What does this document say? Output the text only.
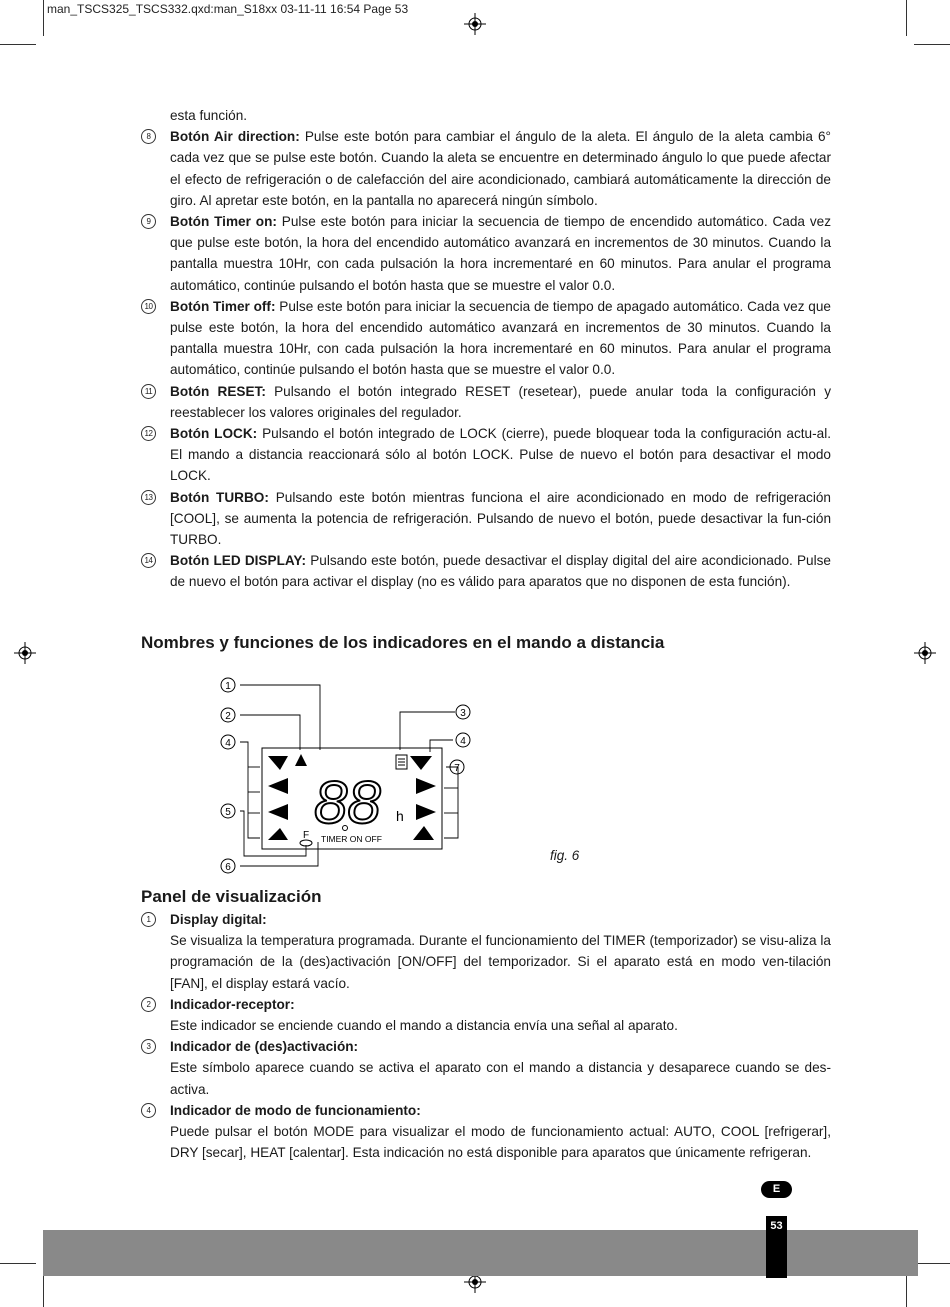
man_TSCS325_TSCS332.qxd:man_S18xx 03-11-11 16:54 Page 53

esta función.

8	Botón Air direction: Pulse este botón para cambiar el ángulo de la aleta. El ángulo de la aleta cambia 6° cada vez que se pulse este botón. Cuando la aleta se encuentre en determinado ángulo lo que puede afectar el efecto de refrigeración o de calefacción del aire acondicionado, cambiará automáticamente la dirección de giro. Al apretar este botón, en la pantalla no aparecerá ningún símbolo.

9	Botón Timer on: Pulse este botón para iniciar la secuencia de tiempo de encendido automático. Cada vez que pulse este botón, la hora del encendido automático avanzará en incrementos de 30 minutos. Cuando la pantalla muestra 10Hr, con cada pulsación la hora incrementaré en 60 minutos. Para anular el programa automático, continúe pulsando el botón hasta que se muestre el valor 0.0.

10 Botón Timer off: Pulse este botón para iniciar la secuencia de tiempo de apagado automático. Cada vez que pulse este botón, la hora del encendido automático avanzará en incrementos de 30 minutos. Cuando la pantalla muestra 10Hr, con cada pulsación la hora incrementaré en 60 minutos. Para anular el programa automático, continúe pulsando el botón hasta que se muestre el valor 0.0.

11 Botón RESET: Pulsando el botón integrado RESET (resetear), puede anular toda la configuración y reestablecer los valores originales del regulador.

12 Botón LOCK: Pulsando el botón integrado de LOCK (cierre), puede bloquear toda la configuración actu-al. El mando a distancia reaccionará sólo al botón LOCK. Pulse de nuevo el botón para desactivar el modo LOCK.

13 Botón TURBO: Pulsando este botón mientras funciona el aire acondicionado en modo de refrigeración [COOL], se aumenta la potencia de refrigeración. Pulsando de nuevo el botón, puede desactivar la fun-ción TURBO.

14 Botón LED DISPLAY: Pulsando este botón, puede desactivar el display digital del aire acondicionado. Pulse de nuevo el botón para activar el display (no es válido para aparatos que no disponen de esta función).

Nombres y funciones de los indicadores en el mando a distancia
1
2	3
4	4
7
5
6
88 h
F TIMER ON OFF
fig. 6
Panel de visualización
1	Display digital:

Se visualiza la temperatura programada. Durante el funcionamiento del TIMER (temporizador) se visu-aliza la programación de la (des)activación [ON/OFF] del temporizador. Si el aparato está en modo ven-tilación [FAN], el display estará vacío.

2	Indicador-receptor:

Este indicador se enciende cuando el mando a distancia envía una señal al aparato.

3	Indicador de (des)activación:

Este símbolo aparece cuando se activa el aparato con el mando a distancia y desaparece cuando se des-activa.

4	Indicador de modo de funcionamiento:

Puede pulsar el botón MODE para visualizar el modo de funcionamiento actual: AUTO, COOL [refrigerar], DRY [secar], HEAT [calentar]. Esta indicación no está disponible para aparatos que únicamente refrigeran.

E
53
